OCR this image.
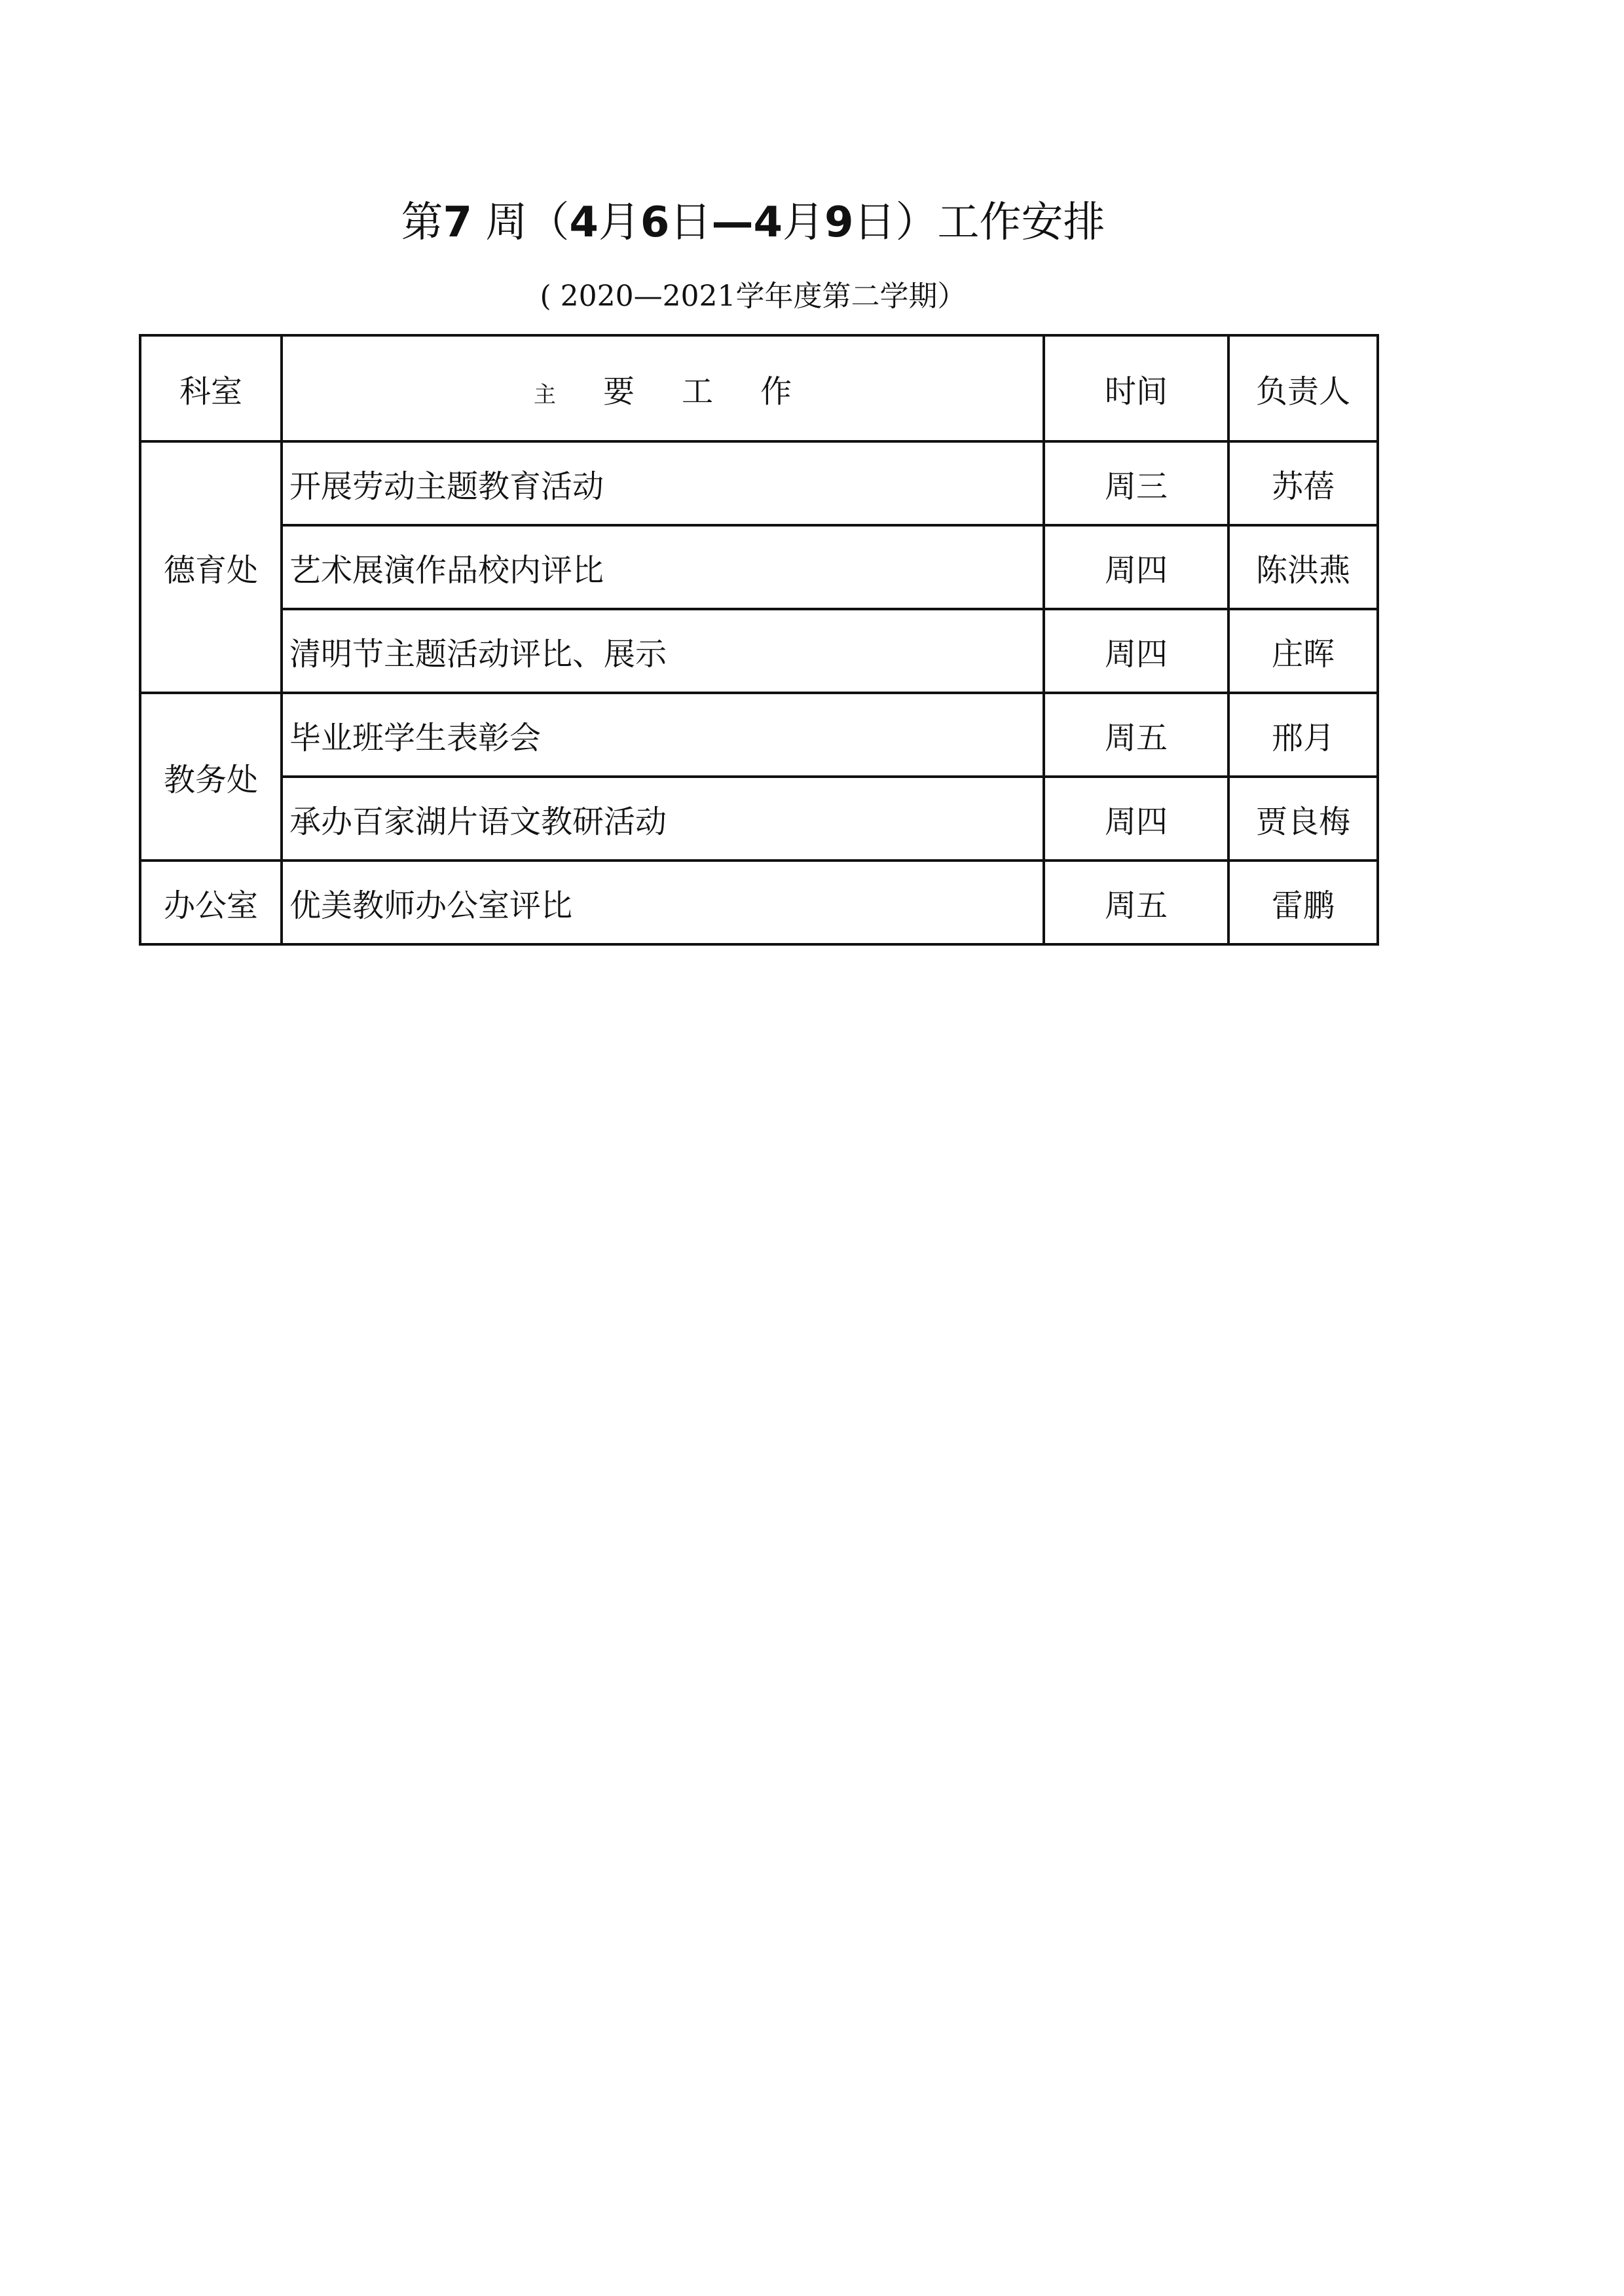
第7 周（4月6日—4月9日）工作安排
( 2020—2021学年度第二学期）
科室	主 要 工 作	时间	负责人
德育处	开展劳动主题教育活动	周三	苏蓓
	艺术展演作品校内评比	周四	陈洪燕
	清明节主题活动评比、展示	周四	庄晖
教务处	毕业班学生表彰会	周五	邢月
	承办百家湖片语文教研活动	周四	贾良梅
办公室	优美教师办公室评比	周五	雷鹏
